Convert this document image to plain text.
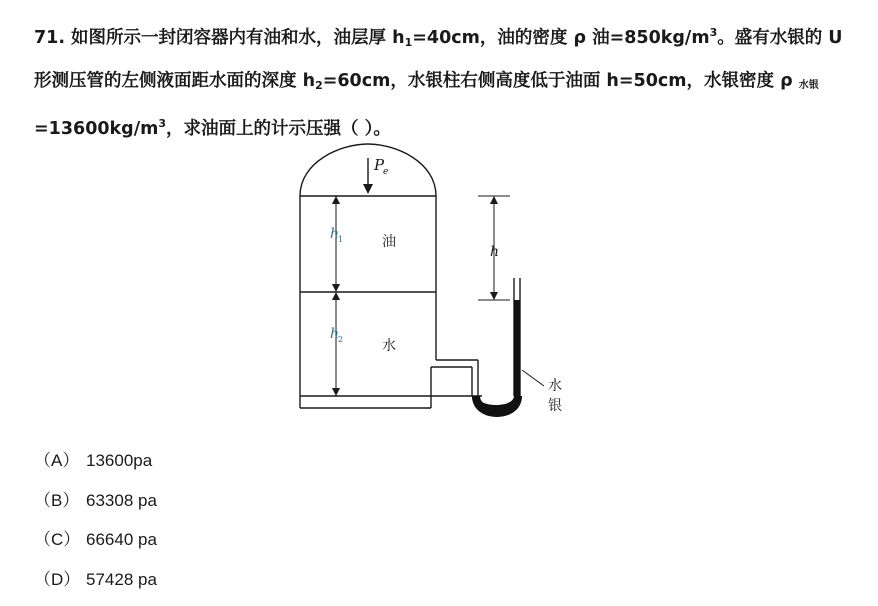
71. 如图所示一封闭容器内有油和水，油层厚 $h_1=40cm$，油的密度 ρ 油$=850kg/m^3$。盛有水银的 U 形测压管的左侧液面距水面的深度 $h_2=60cm$，水银柱右侧高度低于油面 h=50cm，水银密度 ρ 水银$=13600kg/m^3$，求油面上的计示压强（ ）。
P
e
h
1
h
2
h
油
水
水
银
（A） 13600pa
（B） 63308 pa
（C） 66640 pa
（D） 57428 pa
